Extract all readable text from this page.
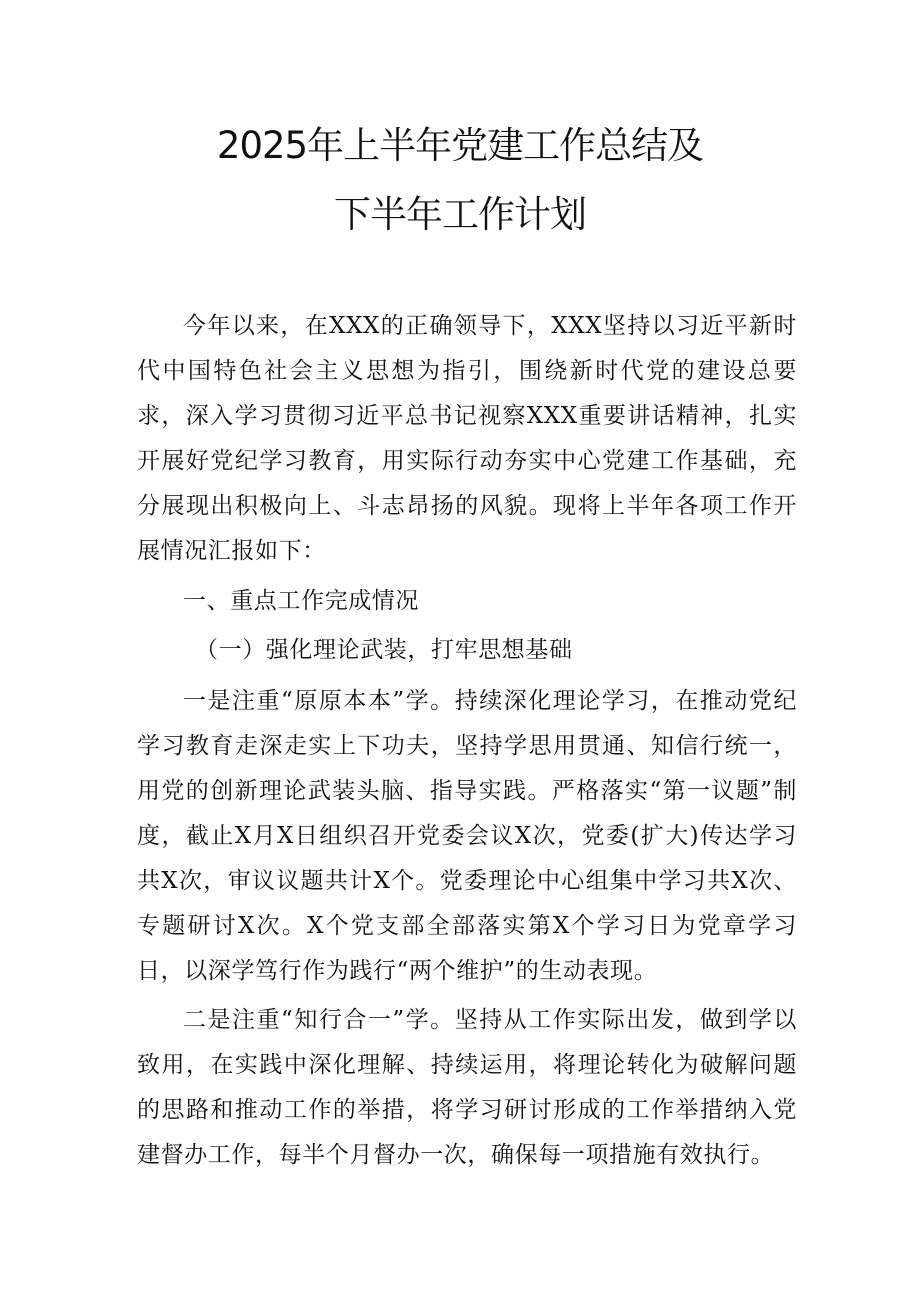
2025年上半年党建工作总结及
下半年工作计划

今年以来，在XXX的正确领导下，XXX坚持以习近平新时代中国特色社会主义思想为指引，围绕新时代党的建设总要求，深入学习贯彻习近平总书记视察XXX重要讲话精神，扎实开展好党纪学习教育，用实际行动夯实中心党建工作基础，充分展现出积极向上、斗志昂扬的风貌。现将上半年各项工作开展情况汇报如下：

一、重点工作完成情况

（一）强化理论武装，打牢思想基础

一是注重“原原本本”学。持续深化理论学习，在推动党纪学习教育走深走实上下功夫，坚持学思用贯通、知信行统一，用党的创新理论武装头脑、指导实践。严格落实“第一议题”制度，截止X月X日组织召开党委会议X次，党委(扩大)传达学习共X次，审议议题共计X个。党委理论中心组集中学习共X次、专题研讨X次。X个党支部全部落实第X个学习日为党章学习日，以深学笃行作为践行“两个维护”的生动表现。

二是注重“知行合一”学。坚持从工作实际出发，做到学以致用，在实践中深化理解、持续运用，将理论转化为破解问题的思路和推动工作的举措，将学习研讨形成的工作举措纳入党建督办工作，每半个月督办一次，确保每一项措施有效执行。
